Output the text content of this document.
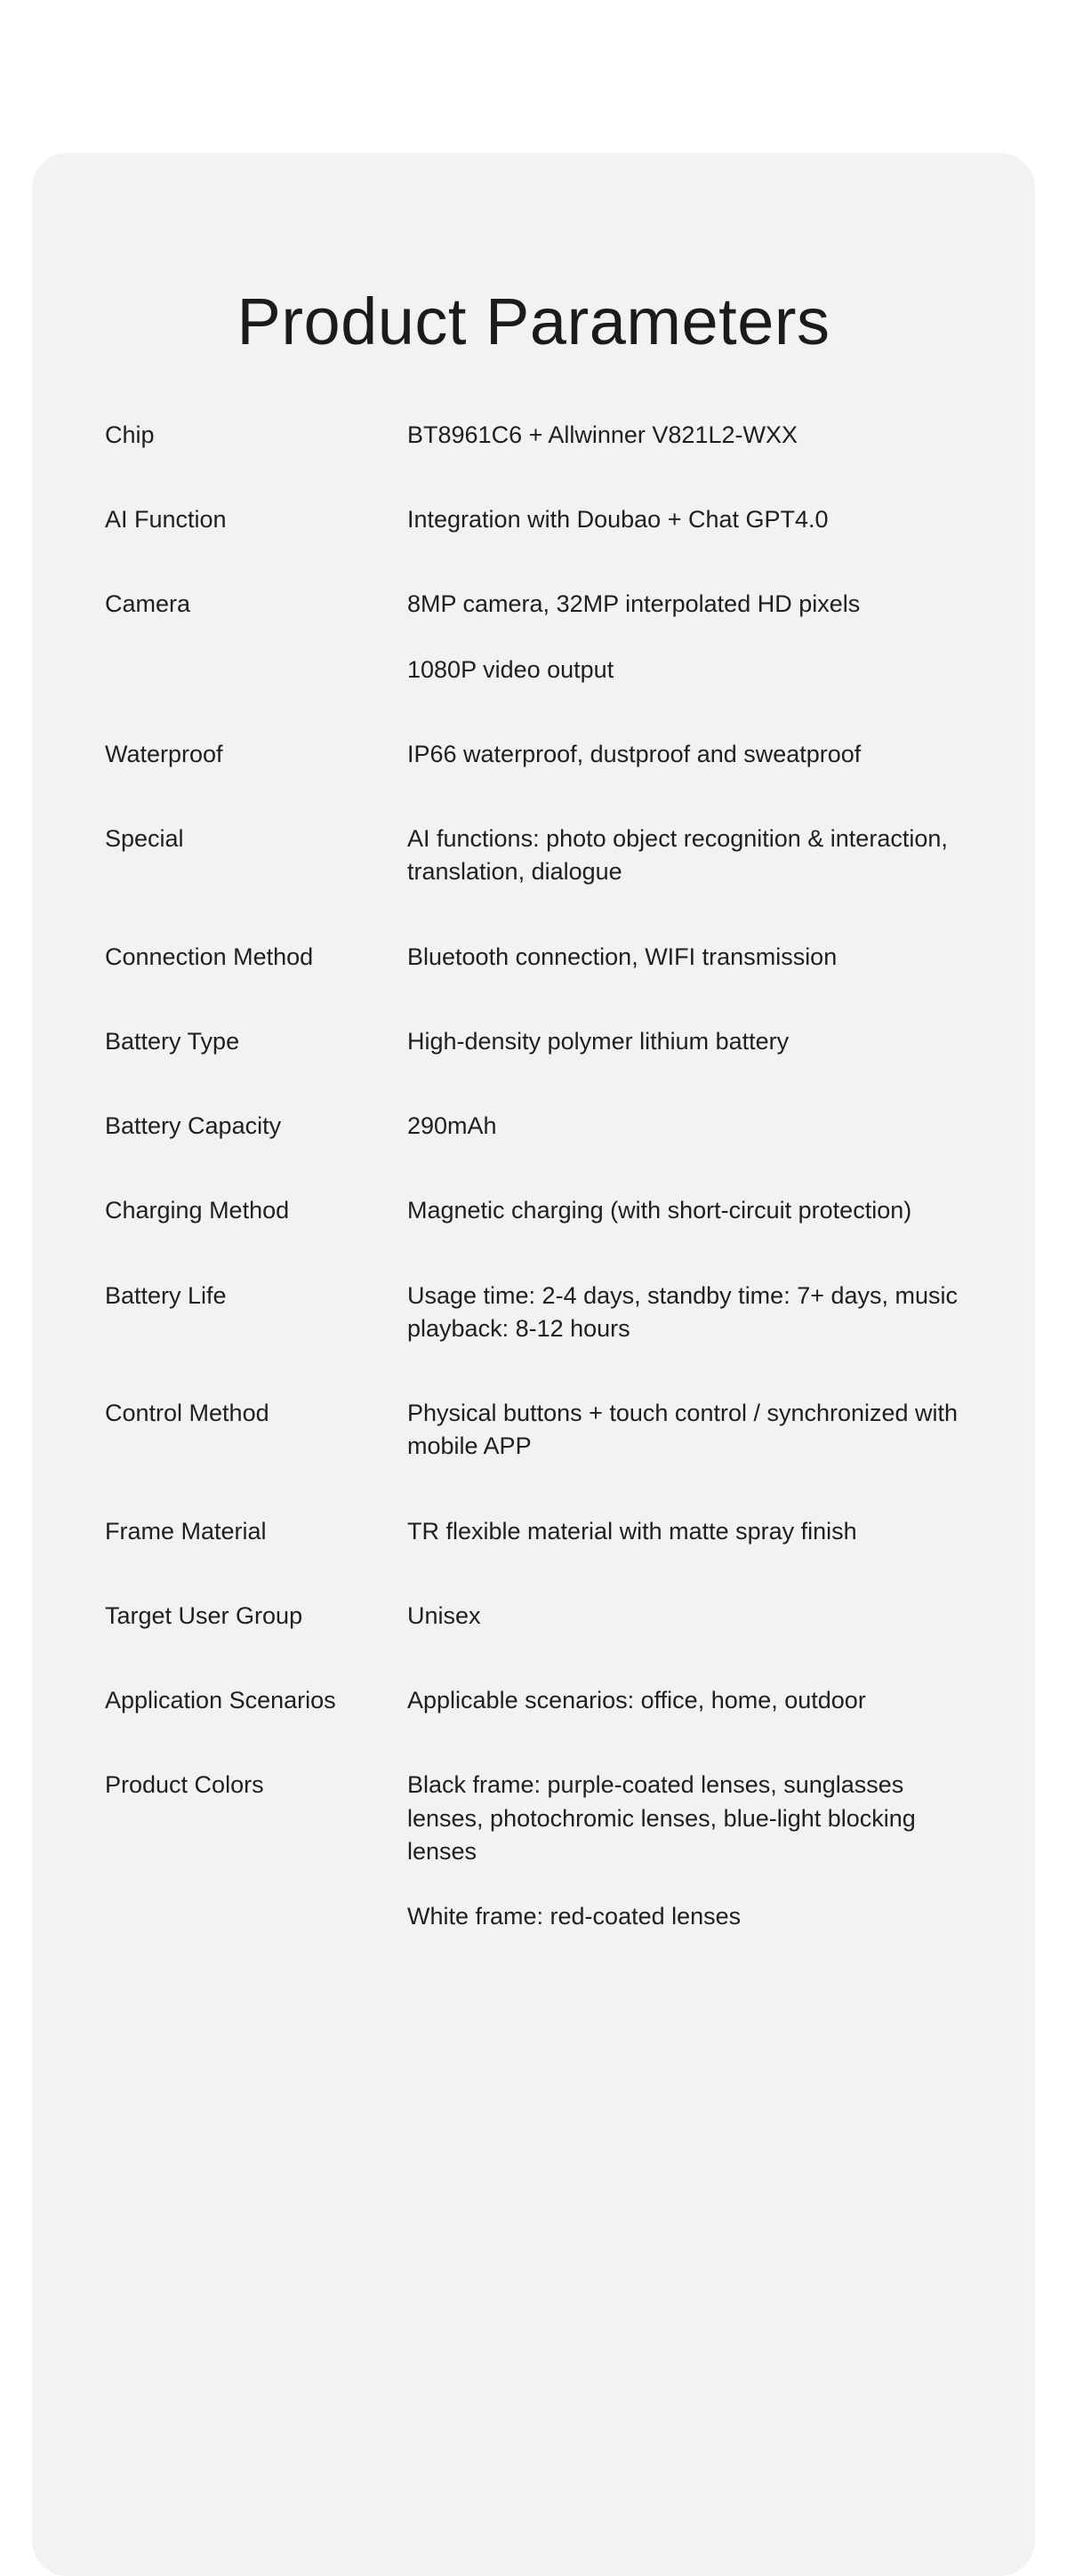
Product Parameters
Chip	BT8961C6 + Allwinner V821L2-WXX

AI Function	Integration with Doubao + Chat GPT4.0

Camera	8MP camera, 32MP interpolated HD pixels

1080P video output

Waterproof	IP66 waterproof, dustproof and sweatproof

Special	AI functions: photo object recognition & interaction, translation, dialogue

Connection Method	Bluetooth connection, WIFI transmission

Battery Type	High-density polymer lithium battery

Battery Capacity	290mAh

Charging Method	Magnetic charging (with short-circuit protection)

Battery Life	Usage time: 2-4 days, standby time: 7+ days, music playback: 8-12 hours

Control Method	Physical buttons + touch control / synchronized with mobile APP

Frame Material	TR flexible material with matte spray finish

Target User Group	Unisex

Application Scenarios	Applicable scenarios: office, home, outdoor

Product Colors	Black frame: purple-coated lenses, sunglasses lenses, photochromic lenses, blue-light blocking lenses

White frame: red-coated lenses
